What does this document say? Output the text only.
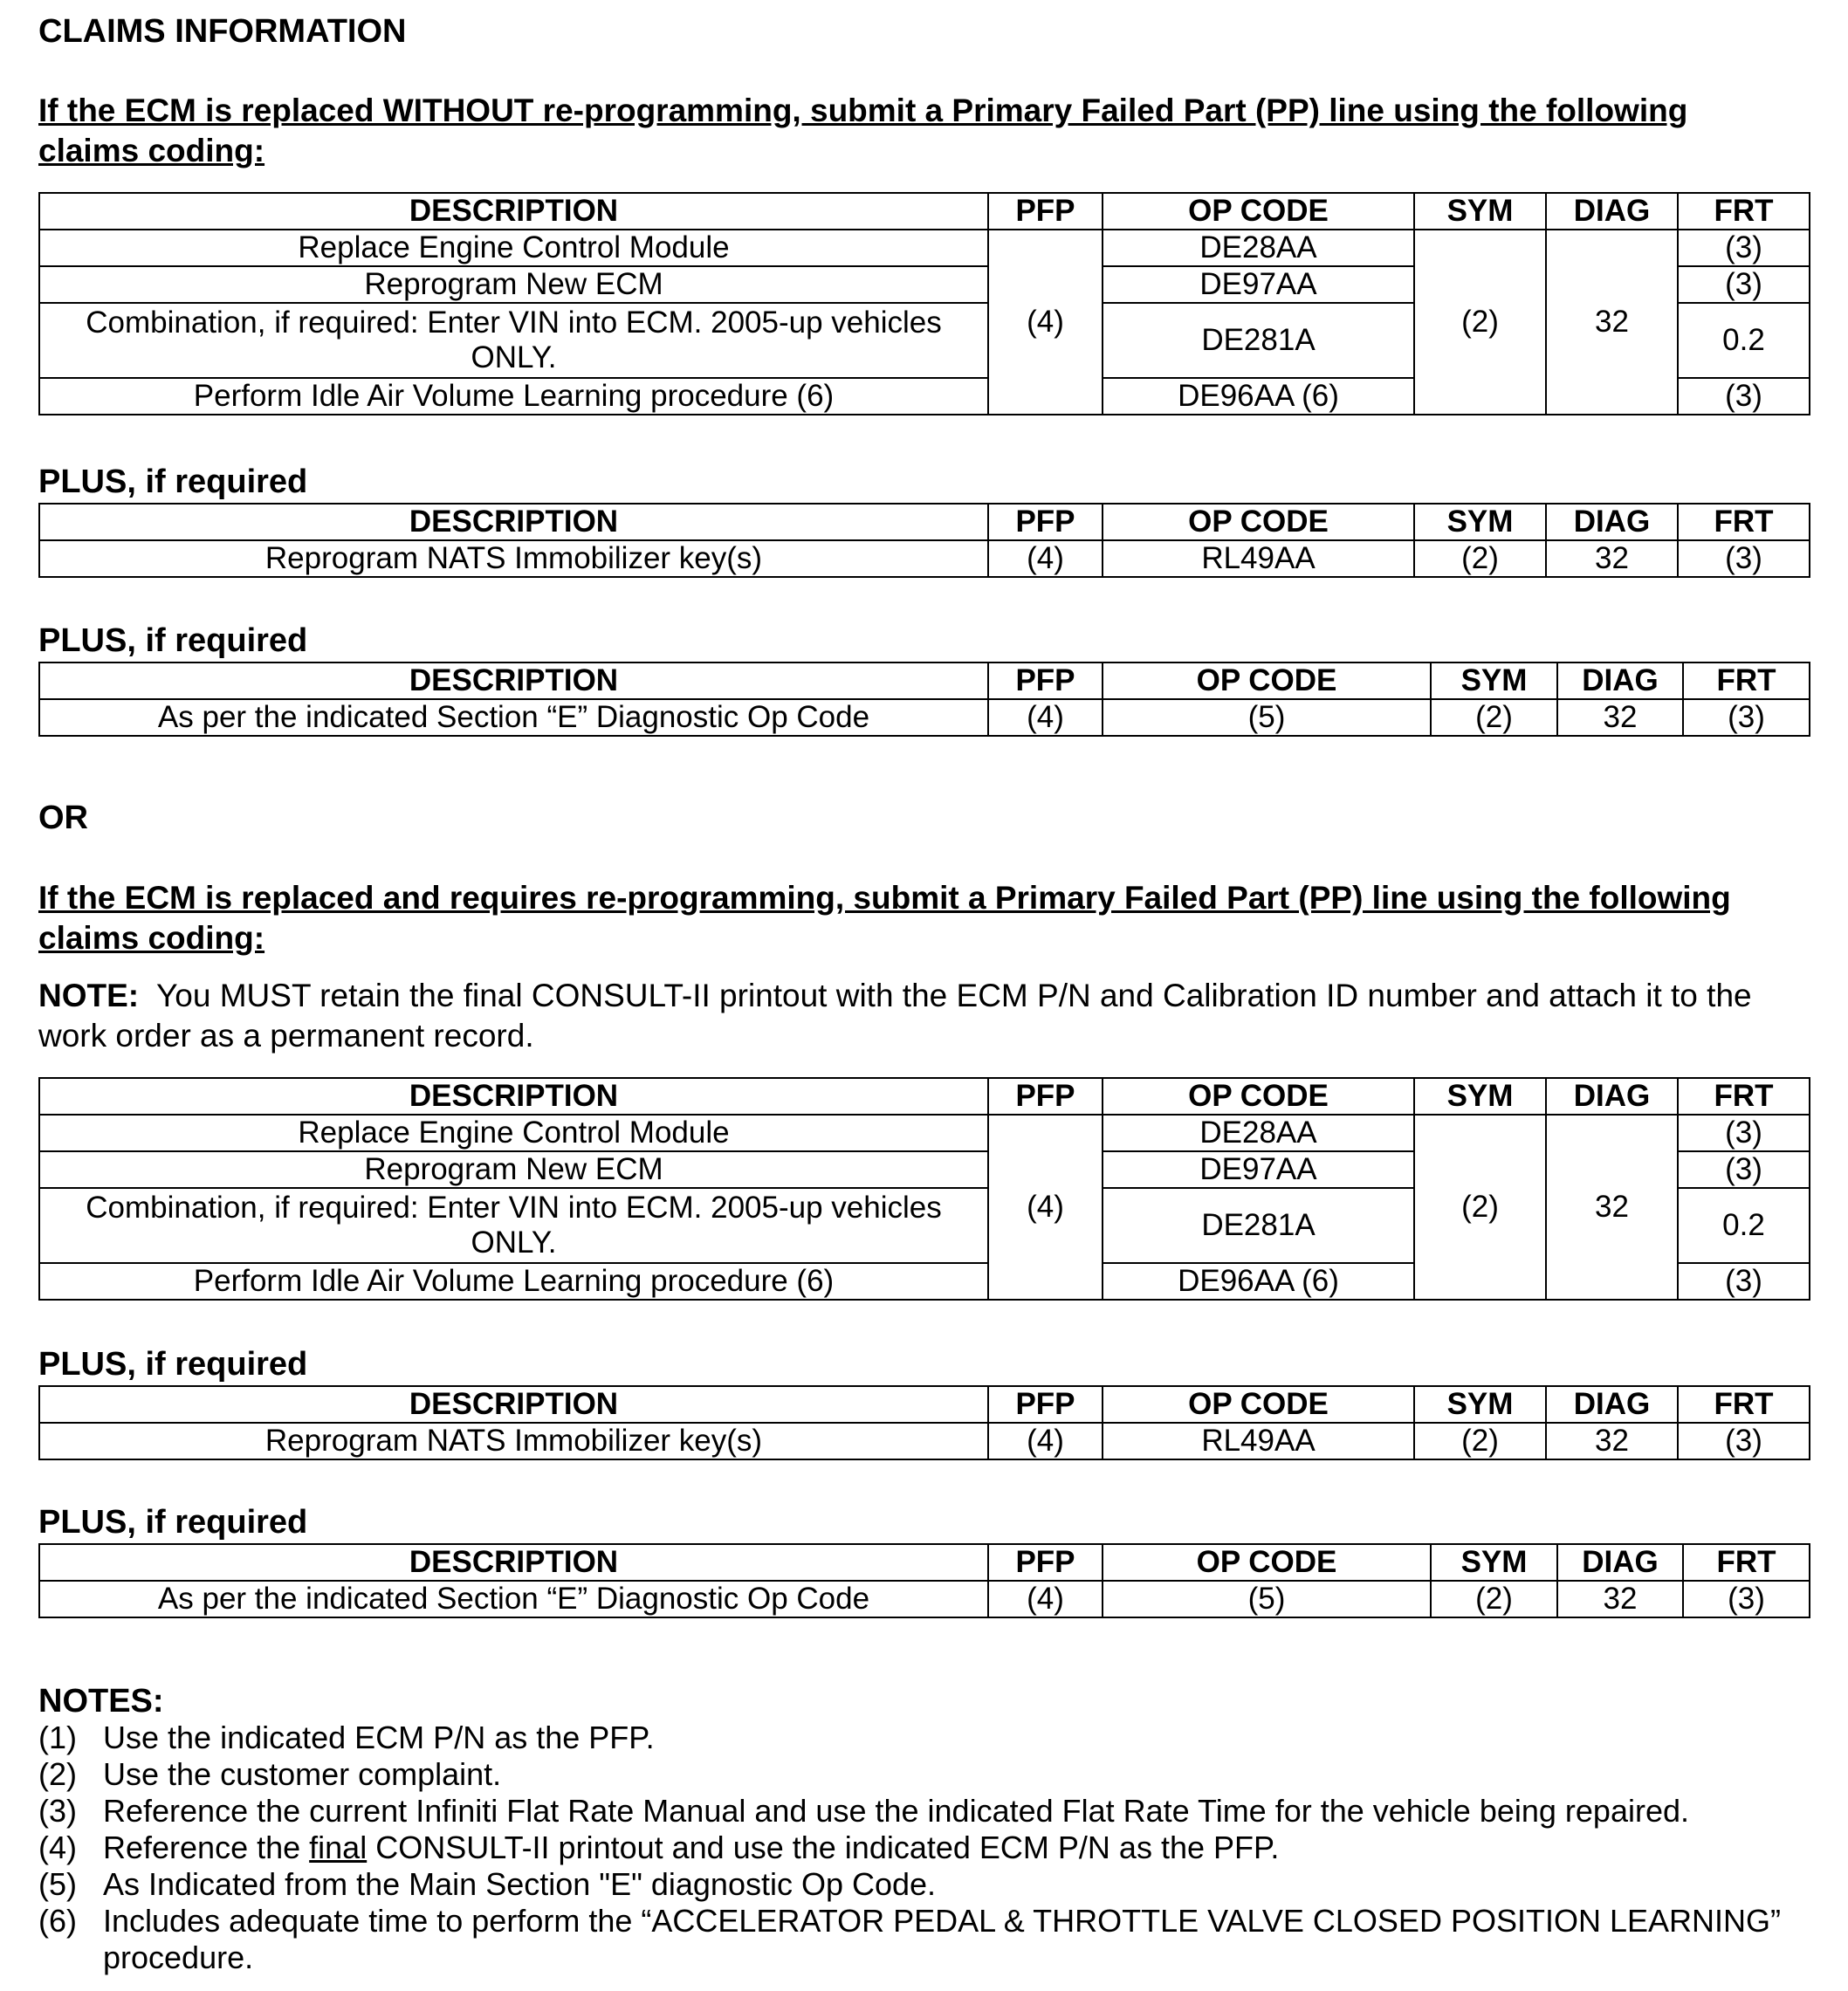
CLAIMS INFORMATION
If the ECM is replaced WITHOUT re-programming, submit a Primary Failed Part (PP) line using the following claims coding:
DESCRIPTION	PFP	OP CODE	SYM	DIAG	FRT
Replace Engine Control Module	(4)	DE28AA	(2)	32	(3)
Reprogram New ECM		DE97AA			(3)
Combination, if required: Enter VIN into ECM. 2005-up vehicles ONLY.		DE281A			0.2
Perform Idle Air Volume Learning procedure (6)		DE96AA (6)			(3)
PLUS, if required
DESCRIPTION	PFP	OP CODE	SYM	DIAG	FRT
Reprogram NATS Immobilizer key(s)	(4)	RL49AA	(2)	32	(3)
PLUS, if required
DESCRIPTION	PFP	OP CODE	SYM	DIAG	FRT
As per the indicated Section “E” Diagnostic Op Code	(4)	(5)	(2)	32	(3)
OR
If the ECM is replaced and requires re-programming, submit a Primary Failed Part (PP) line using the following claims coding:
NOTE: You MUST retain the final CONSULT-II printout with the ECM P/N and Calibration ID number and attach it to the work order as a permanent record.
DESCRIPTION	PFP	OP CODE	SYM	DIAG	FRT
Replace Engine Control Module	(4)	DE28AA	(2)	32	(3)
Reprogram New ECM		DE97AA			(3)
Combination, if required: Enter VIN into ECM. 2005-up vehicles ONLY.		DE281A			0.2
Perform Idle Air Volume Learning procedure (6)		DE96AA (6)			(3)
PLUS, if required
DESCRIPTION	PFP	OP CODE	SYM	DIAG	FRT
Reprogram NATS Immobilizer key(s)	(4)	RL49AA	(2)	32	(3)
PLUS, if required
DESCRIPTION	PFP	OP CODE	SYM	DIAG	FRT
As per the indicated Section “E” Diagnostic Op Code	(4)	(5)	(2)	32	(3)
NOTES:
(1) Use the indicated ECM P/N as the PFP.
(2) Use the customer complaint.
(3) Reference the current Infiniti Flat Rate Manual and use the indicated Flat Rate Time for the vehicle being repaired.
(4) Reference the final CONSULT-II printout and use the indicated ECM P/N as the PFP.
(5) As Indicated from the Main Section "E" diagnostic Op Code.
(6) Includes adequate time to perform the “ACCELERATOR PEDAL & THROTTLE VALVE CLOSED POSITION LEARNING” procedure.
